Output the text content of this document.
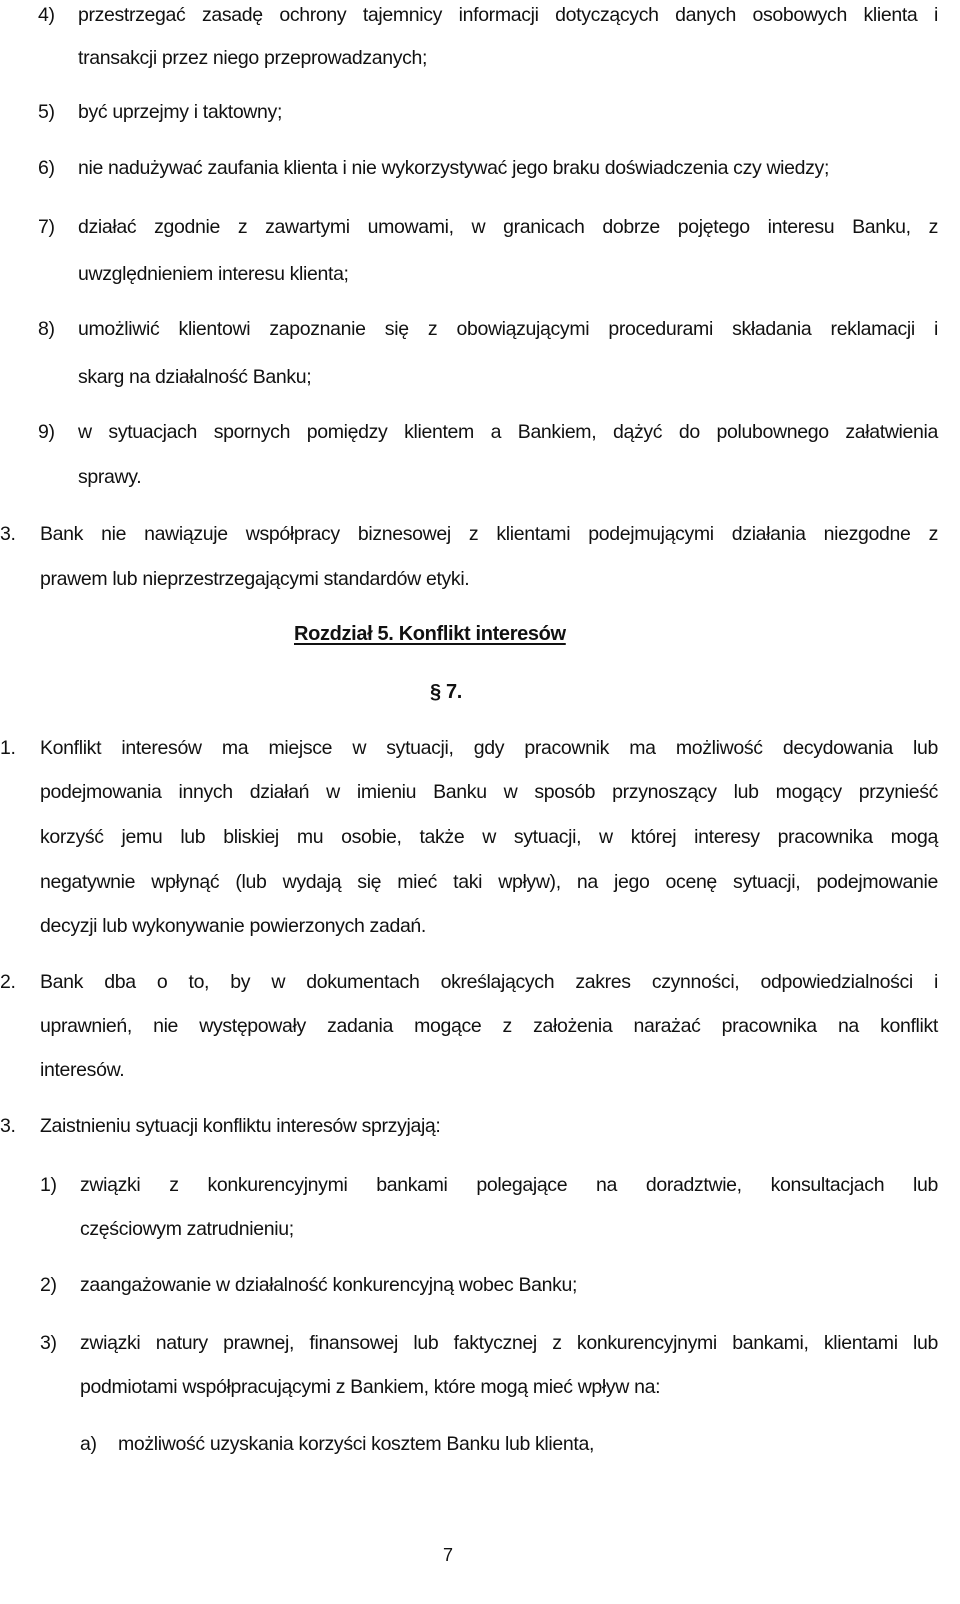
4) przestrzegać zasadę ochrony tajemnicy informacji dotyczących danych osobowych klienta i
transakcji przez niego przeprowadzanych;
5) być uprzejmy i taktowny;
6) nie nadużywać zaufania klienta i nie wykorzystywać jego braku doświadczenia czy wiedzy;
7) działać zgodnie z zawartymi umowami, w granicach dobrze pojętego interesu Banku, z
uwzględnieniem interesu klienta;
8) umożliwić klientowi zapoznanie się z obowiązującymi procedurami składania reklamacji i
skarg na działalność Banku;
9) w sytuacjach spornych pomiędzy klientem a Bankiem, dążyć do polubownego załatwienia
sprawy.
3. Bank nie nawiązuje współpracy biznesowej z klientami podejmującymi działania niezgodne z
prawem lub nieprzestrzegającymi standardów etyki.
Rozdział 5. Konflikt interesów
§ 7.
1. Konflikt interesów ma miejsce w sytuacji, gdy pracownik ma możliwość decydowania lub
podejmowania innych działań w imieniu Banku w sposób przynoszący lub mogący przynieść
korzyść jemu lub bliskiej mu osobie, także w sytuacji, w której interesy pracownika mogą
negatywnie wpłynąć (lub wydają się mieć taki wpływ), na jego ocenę sytuacji, podejmowanie
decyzji lub wykonywanie powierzonych zadań.
2. Bank dba o to, by w dokumentach określających zakres czynności, odpowiedzialności i
uprawnień, nie występowały zadania mogące z założenia narażać pracownika na konflikt
interesów.
3. Zaistnieniu sytuacji konfliktu interesów sprzyjają:
1) związki z konkurencyjnymi bankami polegające na doradztwie, konsultacjach lub
częściowym zatrudnieniu;
2) zaangażowanie w działalność konkurencyjną wobec Banku;
3) związki natury prawnej, finansowej lub faktycznej z konkurencyjnymi bankami, klientami lub
podmiotami współpracującymi z Bankiem, które mogą mieć wpływ na:
a) możliwość uzyskania korzyści kosztem Banku lub klienta,
7
